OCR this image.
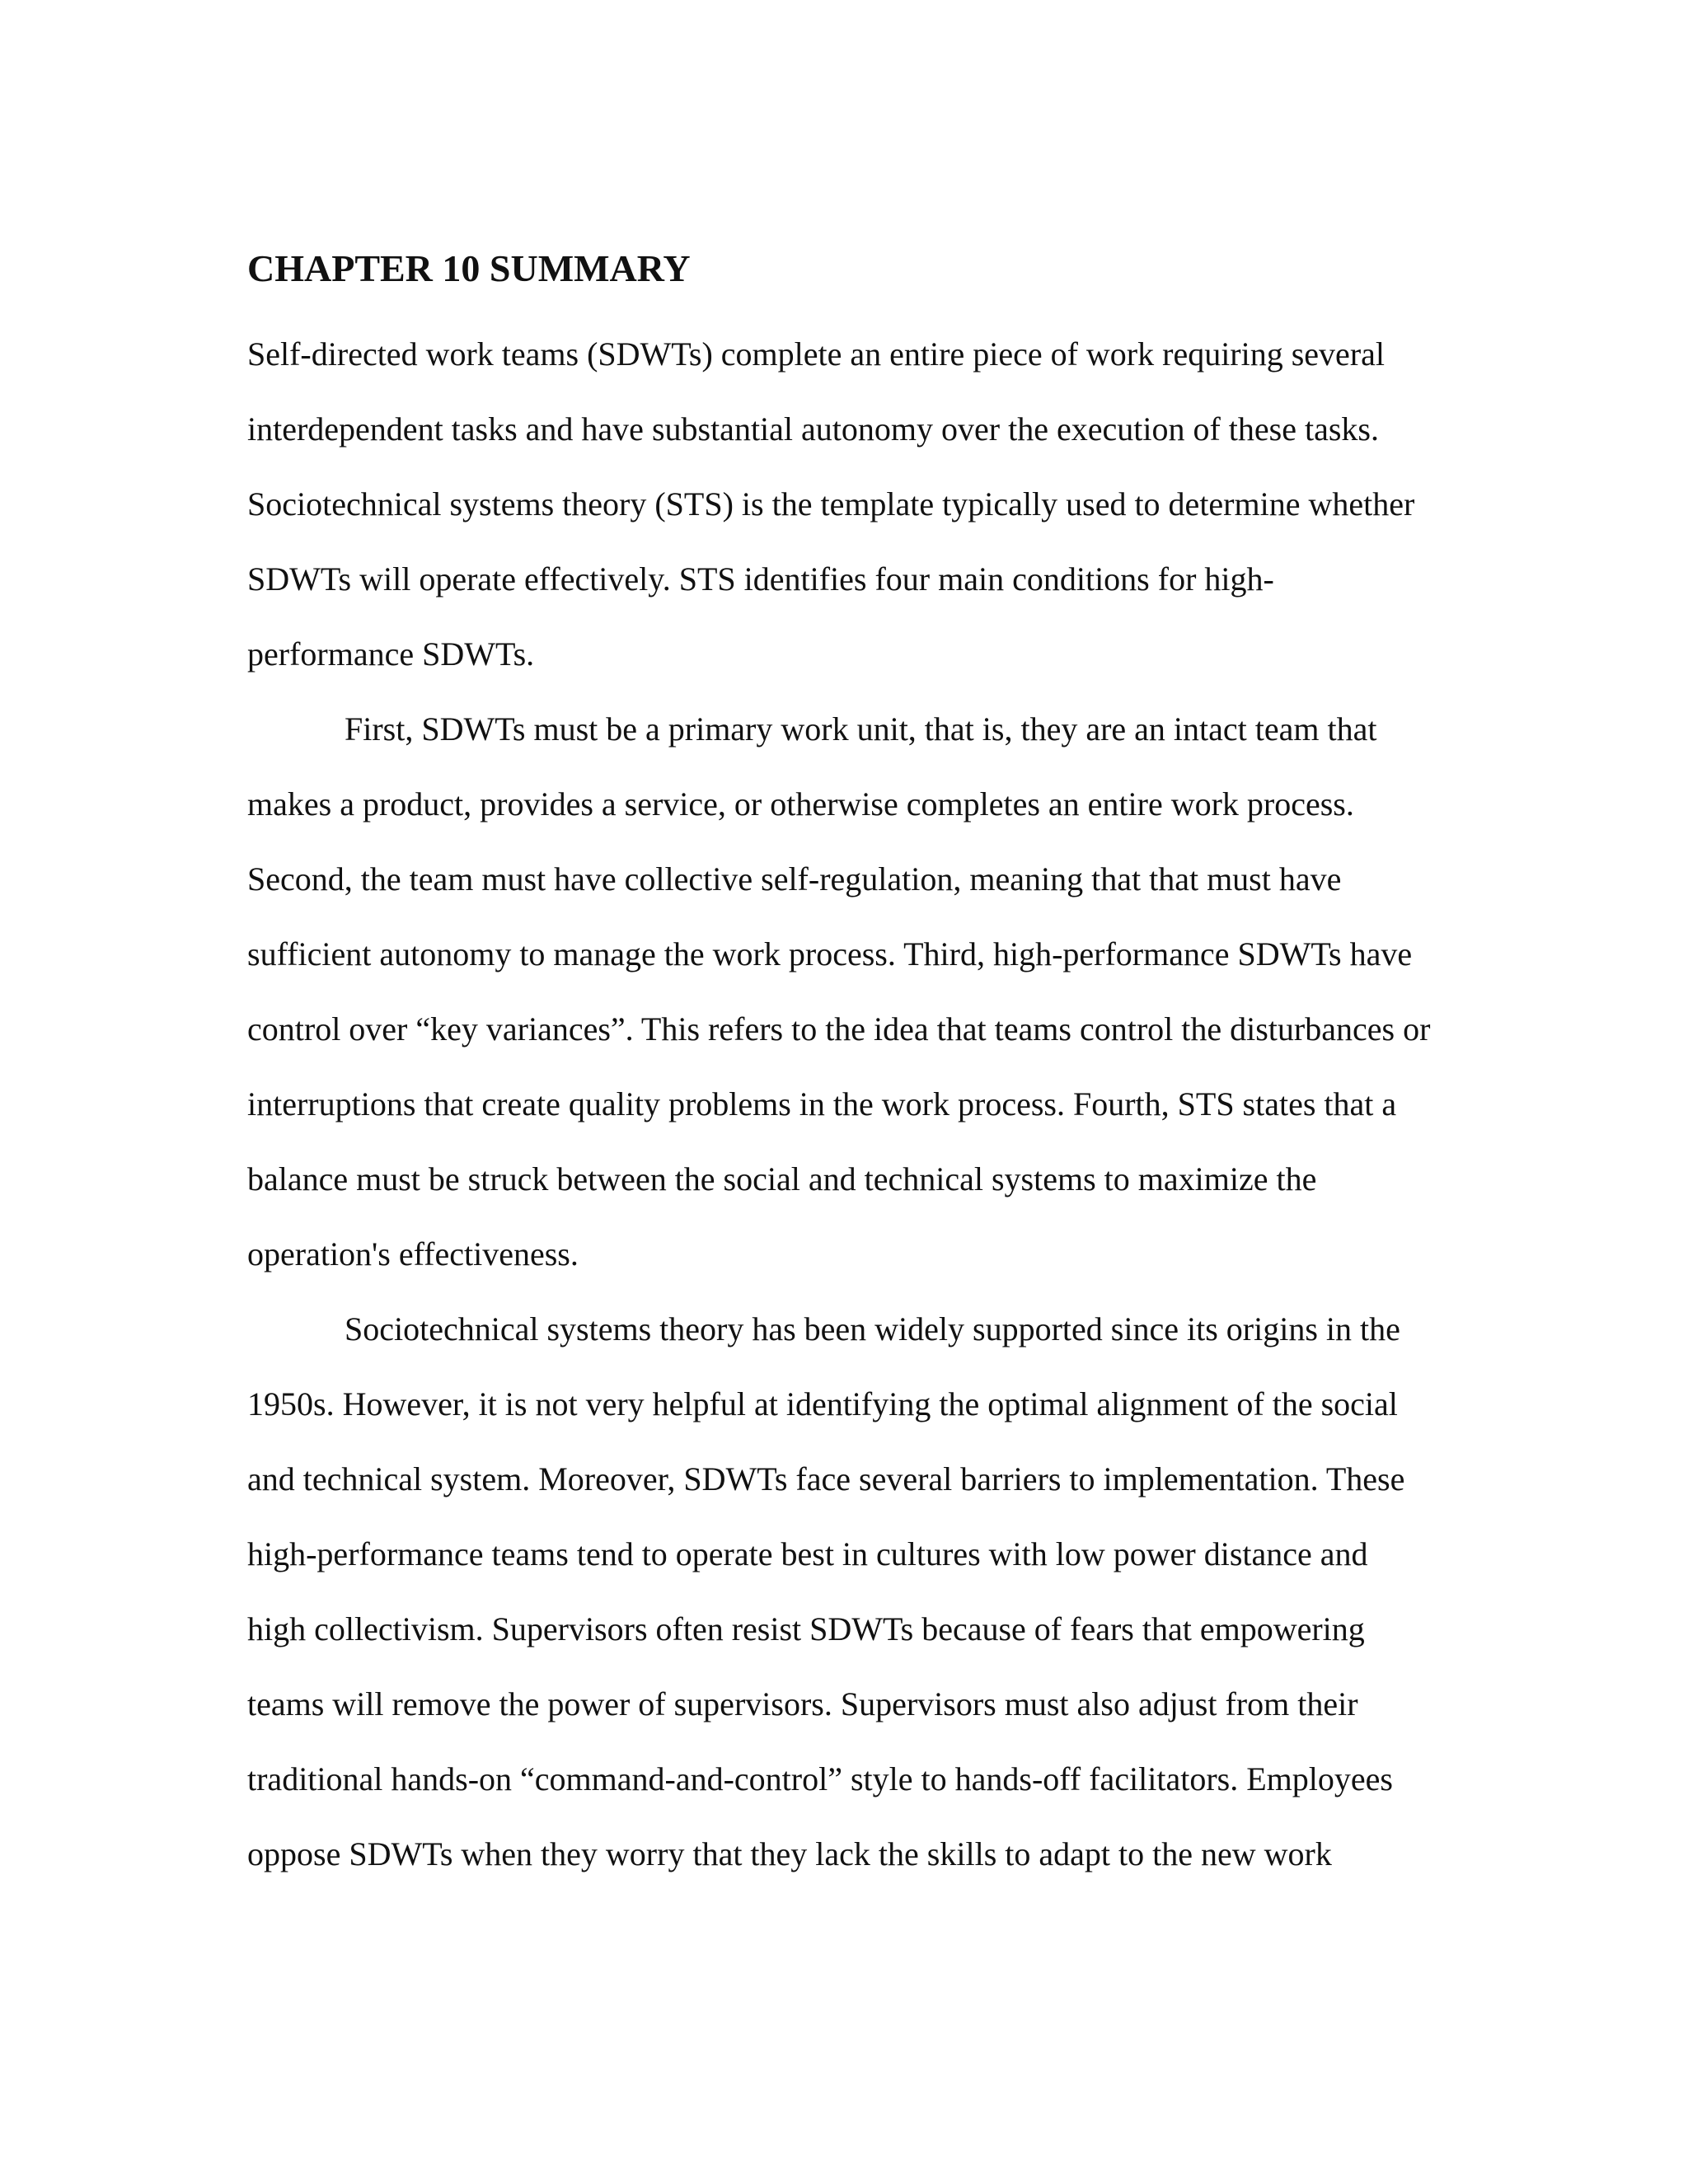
CHAPTER 10 SUMMARY

Self-directed work teams (SDWTs) complete an entire piece of work requiring several

interdependent tasks and have substantial autonomy over the execution of these tasks.

Sociotechnical systems theory (STS) is the template typically used to determine whether

SDWTs will operate effectively. STS identifies four main conditions for high-

performance SDWTs.

First, SDWTs must be a primary work unit, that is, they are an intact team that

makes a product, provides a service, or otherwise completes an entire work process.

Second, the team must have collective self-regulation, meaning that that must have

sufficient autonomy to manage the work process. Third, high-performance SDWTs have

control over “key variances”. This refers to the idea that teams control the disturbances or

interruptions that create quality problems in the work process. Fourth, STS states that a

balance must be struck between the social and technical systems to maximize the

operation's effectiveness.

Sociotechnical systems theory has been widely supported since its origins in the

1950s. However, it is not very helpful at identifying the optimal alignment of the social

and technical system. Moreover, SDWTs face several barriers to implementation. These

high-performance teams tend to operate best in cultures with low power distance and

high collectivism. Supervisors often resist SDWTs because of fears that empowering

teams will remove the power of supervisors. Supervisors must also adjust from their

traditional hands-on “command-and-control” style to hands-off facilitators. Employees

oppose SDWTs when they worry that they lack the skills to adapt to the new work
